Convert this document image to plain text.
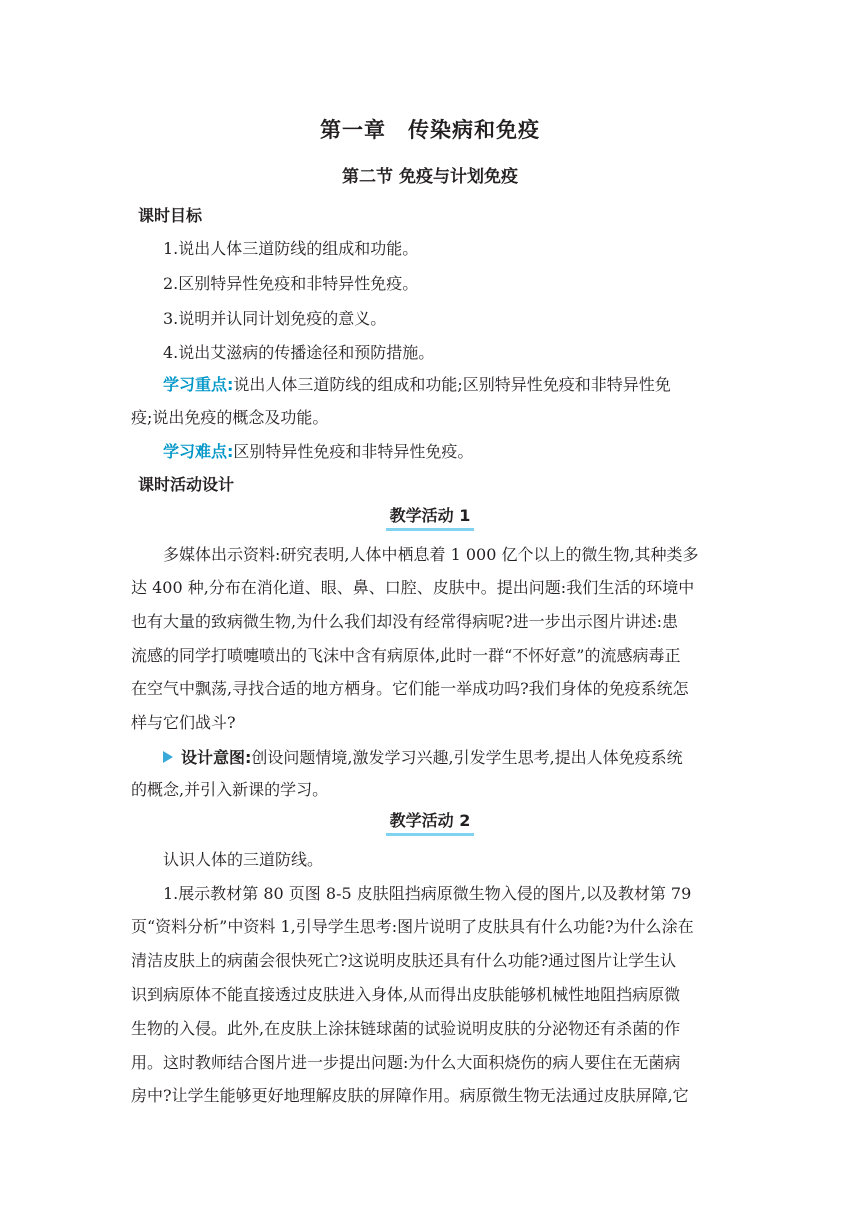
第一章　传染病和免疫
第二节 免疫与计划免疫
课时目标
1.说出人体三道防线的组成和功能。
2.区别特异性免疫和非特异性免疫。
3.说明并认同计划免疫的意义。
4.说出艾滋病的传播途径和预防措施。
学习重点:说出人体三道防线的组成和功能;区别特异性免疫和非特异性免
疫;说出免疫的概念及功能。
学习难点:区别特异性免疫和非特异性免疫。
课时活动设计
教学活动 1
多媒体出示资料:研究表明,人体中栖息着 1 000 亿个以上的微生物,其种类多
达 400 种,分布在消化道、眼、鼻、口腔、皮肤中。提出问题:我们生活的环境中
也有大量的致病微生物,为什么我们却没有经常得病呢?进一步出示图片讲述:患
流感的同学打喷嚏喷出的飞沫中含有病原体,此时一群“不怀好意”的流感病毒正
在空气中飘荡,寻找合适的地方栖身。它们能一举成功吗?我们身体的免疫系统怎
样与它们战斗?
设计意图:创设问题情境,激发学习兴趣,引发学生思考,提出人体免疫系统
的概念,并引入新课的学习。
教学活动 2
认识人体的三道防线。
1.展示教材第 80 页图 8-5 皮肤阻挡病原微生物入侵的图片,以及教材第 79
页“资料分析”中资料 1,引导学生思考:图片说明了皮肤具有什么功能?为什么涂在
清洁皮肤上的病菌会很快死亡?这说明皮肤还具有什么功能?通过图片让学生认
识到病原体不能直接透过皮肤进入身体,从而得出皮肤能够机械性地阻挡病原微
生物的入侵。此外,在皮肤上涂抹链球菌的试验说明皮肤的分泌物还有杀菌的作
用。这时教师结合图片进一步提出问题:为什么大面积烧伤的病人要住在无菌病
房中?让学生能够更好地理解皮肤的屏障作用。病原微生物无法通过皮肤屏障,它
